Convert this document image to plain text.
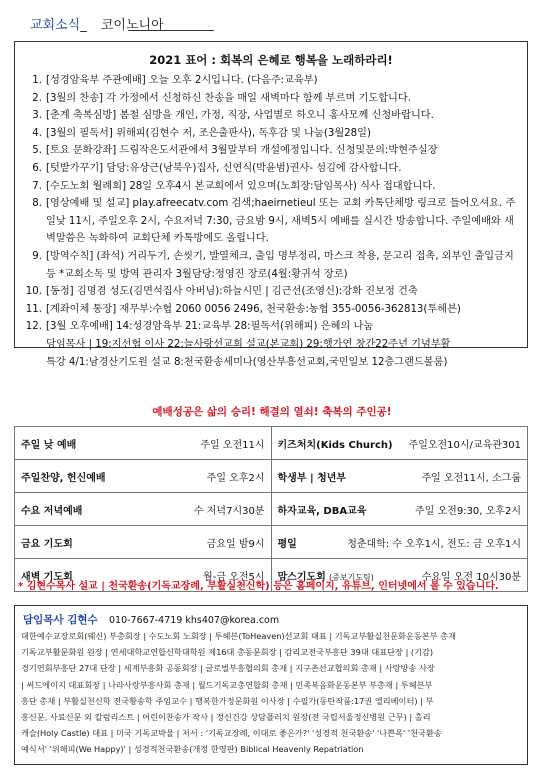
교회소식_ 코이노니아
2021 표어 : 회복의 은혜로 행복을 노래하라리!
1. [성경암육부 주관예배] 오늘 오후 2시입니다. (다음주:교육부)
2. [3월의 찬송] 각 가정에서 신청하신 찬송을 매일 새벽마다 함께 부르며 기도합니다.
3. [춘계 축복심방] 봄철 심방을 개인, 가정, 직장, 사업별로 하오니 홍사모께 신청바랍니다.
4. [3월의 필독서] 위해피(김현수 저, 조은출판사), 독후감 및 나눔(3월28일)
5. [토요 문화강좌] 드림작은도서관에서 3월말부터 개설예정입니다. 신청및문의:박현주실장
6. [텃밭가꾸기] 담당:유상근(남북우)집사, 신연식(박윤범)권사- 섬김에 감사합니다.
7. [수도노회 월례회] 28일 오후4시 본교회에서 있으며(노회장:담임목사) 식사 접대합니다.
8. [영상예배 및 설교] play.afreecatv.com 검색;haeirnetieul 또는 교회 카톡단체방 링크로 들어오셔요. 주일낮 11시, 주일오후 2시, 수요저녁 7:30, 금요밤 9시, 새벽5시 예배를 실시간 방송합니다. 주일예배와 새벽말씀은 녹화하여 교회단체 카톡방에도 올립니다.
9. [방역수칙] (좌석) 거리두기, 손씻기, 발열체크, 출입 명부정리, 마스크 착용, 문고리 접촉, 외부인 출입금지 등 *교회소독 및 방역 관리자 3월담당:정영진 장로(4월:황귀석 장로)
10. [동정] 김명겸 성도(김면석집사 아버님):하늘시민 | 김근선(조영신):강화 진보정 건축
11. [계좌이체 통장] 재무부:수협 2060 0056 2496, 천국환송:농협 355-0056-362813(투헤븐)
12. [3월 오후예배] 14:성경암육부 21:교육부 28:필독서(위해피) 은혜의 나눔
담임목사 | 19:지선협 이사 22:늘사랑선교회 설교(본교회) 29:행가연 창간22주년 기념부활
특강 4/1:남경산기도원 설교 8:천국환송세미나(영산부흥선교회,국민일보 12층그랜드볼룸)
예배성공은 삶의 승리! 해결의 열쇠! 축복의 주인공!
주일 낮 예배 주일 오전11시	키즈처치(Kids Church) 주일오전10시/교육관301

주일찬양, 헌신예배 주일 오후2시	학생부 | 청년부 주일 오전11시, 소그룹

수요 저녁예배 수 저녁7시30분	하자교육, DBA교육 주일 오전9:30, 오후2시

금요 기도회 금요일 밤9시	평일 청춘대학: 수 오후1시, 전도: 금 오후1시

새벽 기도회 월-금 오전5시	맘스기도회 (중보기도팀) 수요일 오전 10시30분
* 김현수목사 설교 | 천국환송(기독교장례, 부활실천신학) 등은 홈페이지, 유튜브, 인터넷에서 볼 수 있습니다.
담임목사 김현수 010-7667-4719 khs407@korea.com
대한예수교장로회(웨신) 부총회장 | 수도노회 노회장 | 투헤븐(ToHeaven)선교회 대표 | 기독교부활실천문화운동본부 총재
기독교부활문화원 원장 | 연세대학교연합신학대학원 제16대 총동문회장 | 감리교전국부흥단 39대 대표단장 | (기감)
경기연회부흥단 27대 단장 | 세계부흥화 공동회장 | 글로벌부흥협의회 총재 | 지구촌선교협의회 총재 | 사랑방송 사장
| 써드에이지 대표회장 | 나라사랑부흥사회 총재 | 월드기독교총연합회 총재 | 민족복음화운동본부 부총재 | 투헤븐부
흥단 총재 | 부활실천신학 전국황송학 주임교수 | 행복한가정문화원 이사장 | 수필가(동탄작품:17권 엘리베이터) | 부
흥신문, 사료신문 외 칼럼리스트 | 어린이찬송가 작사 | 정신건강 상담플러치 원장(전 국립서울정신병원 근무) | 홀리
캐슬(Holy Castle) 대표 | 미국 기독교박물 | 저서 : '기독교장례, 이대로 좋은가?' '성경적 천국환송' '나쁜목' '천국환송
예식서' '위해피(We Happy)' | 성경적천국환송(개정 한영판) Biblical Heavenly Repatriation
